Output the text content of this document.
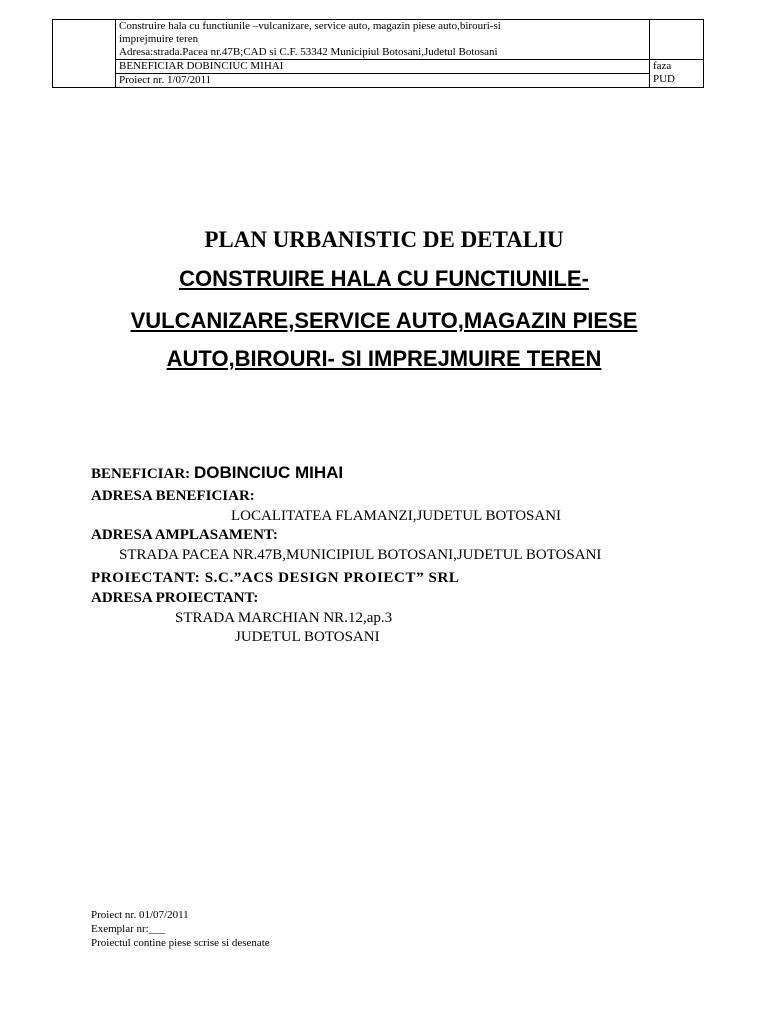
	Construire hala cu functiunile –vulcanizare, service auto, magazin piese auto,birouri-si
imprejmuire teren
Adresa:strada.Pacea nr.47B;CAD si C.F. 53342 Municipiul Botosani,Judetul Botosani	

	BENEFICIAR DOBINCIUC MIHAI	faza
PUD

	Proiect nr. 1/07/2011	
PLAN URBANISTIC DE DETALIU
CONSTRUIRE HALA CU FUNCTIUNILE-
VULCANIZARE,SERVICE AUTO,MAGAZIN PIESE
AUTO,BIROURI- SI IMPREJMUIRE TEREN
BENEFICIAR: DOBINCIUC MIHAI
ADRESA BENEFICIAR:
LOCALITATEA FLAMANZI,JUDETUL BOTOSANI
ADRESA AMPLASAMENT:
STRADA PACEA NR.47B,MUNICIPIUL BOTOSANI,JUDETUL BOTOSANI
PROIECTANT: S.C.”ACS DESIGN PROIECT” SRL
ADRESA PROIECTANT:
STRADA MARCHIAN NR.12,ap.3
JUDETUL BOTOSANI
Proiect nr. 01/07/2011
Exemplar nr:___
Proiectul contine piese scrise si desenate
